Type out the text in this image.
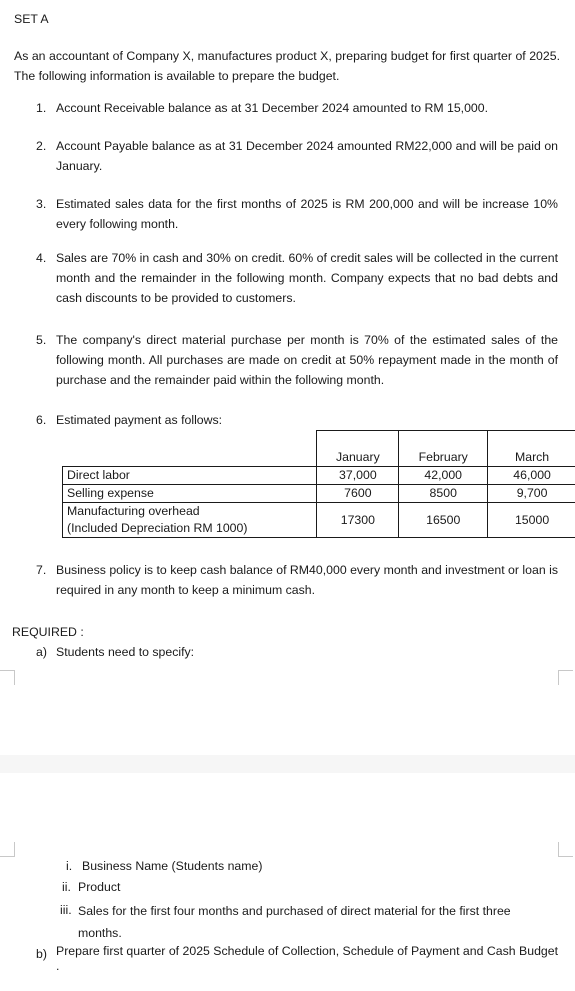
SET A
As an accountant of Company X, manufactures product X, preparing budget for first quarter of 2025. The following information is available to prepare the budget.
1. Account Receivable balance as at 31 December 2024 amounted to RM 15,000.
2. Account Payable balance as at 31 December 2024 amounted RM22,000 and will be paid on January.
3. Estimated sales data for the first months of 2025 is RM 200,000 and will be increase 10% every following month.
4. Sales are 70% in cash and 30% on credit. 60% of credit sales will be collected in the current month and the remainder in the following month. Company expects that no bad debts and cash discounts to be provided to customers.
5. The company's direct material purchase per month is 70% of the estimated sales of the following month. All purchases are made on credit at 50% repayment made in the month of purchase and the remainder paid within the following month.
6. Estimated payment as follows:
	January	February	March
Direct labor	37,000	42,000	46,000
Selling expense	7600	8500	9,700

Manufacturing overhead
(Included Depreciation RM 1000)	17300	16500	15000
7. Business policy is to keep cash balance of RM40,000 every month and investment or loan is required in any month to keep a minimum cash.
REQUIRED :
a) Students need to specify:
i. Business Name (Students name)
ii. Product
iii. Sales for the first four months and purchased of direct material for the first three months.
b) Prepare first quarter of 2025 Schedule of Collection, Schedule of Payment and Cash Budget .
